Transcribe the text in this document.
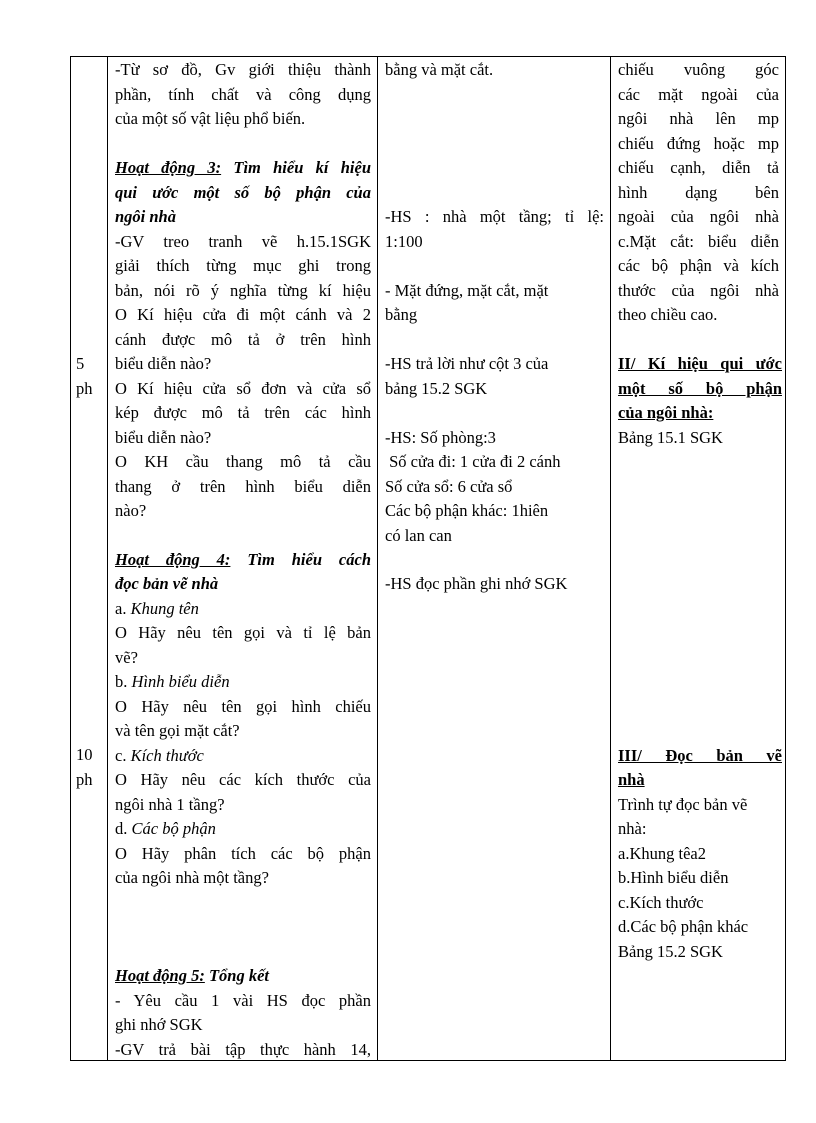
5
ph
10
ph
-Từ sơ đồ, Gv giới thiệu thành
phần, tính chất và công dụng
của một số vật liệu phổ biến.
Hoạt động 3: Tìm hiểu kí hiệu
qui ước một số bộ phận của
ngôi nhà
-GV treo tranh vẽ h.15.1SGK
giải thích từng mục ghi trong
bản, nói rõ ý nghĩa từng kí hiệu
O Kí hiệu cửa đi một cánh và 2
cánh được mô tả ở trên hình
biểu diễn nào?
O Kí hiệu cửa sổ đơn và cửa sổ
kép được mô tả trên các hình
biểu diễn nào?
O KH cầu thang mô tả cầu
thang ở trên hình biểu diễn
nào?
Hoạt động 4: Tìm hiểu cách
đọc bản vẽ nhà
a. Khung tên
O Hãy nêu tên gọi và tỉ lệ bản
vẽ?
b. Hình biểu diễn
O Hãy nêu tên gọi hình chiếu
và tên gọi mặt cắt?
c. Kích thước
O Hãy nêu các kích thước của
ngôi nhà 1 tầng?
d. Các bộ phận
O Hãy phân tích các bộ phận
của ngôi nhà một tầng?
Hoạt động 5: Tổng kết
- Yêu cầu 1 vài HS đọc phần
ghi nhớ SGK
-GV trả bài tập thực hành 14,
bằng và mặt cắt.
-HS : nhà một tầng; tỉ lệ:
1:100
- Mặt đứng, mặt cắt, mặt
bằng
-HS trả lời như cột 3 của
bảng 15.2 SGK
-HS: Số phòng:3
Số cửa đi: 1 cửa đi 2 cánh
Số cửa sổ: 6 cửa sổ
Các bộ phận khác: 1hiên
có lan can
-HS đọc phần ghi nhớ SGK
chiếu vuông góc
các mặt ngoài của
ngôi nhà lên mp
chiếu đứng hoặc mp
chiếu cạnh, diễn tả
hình dạng bên
ngoài của ngôi nhà
c.Mặt cắt: biểu diễn
các bộ phận và kích
thước của ngôi nhà
theo chiều cao.
II/ Kí hiệu qui ước
một số bộ phận
của ngôi nhà:
Bảng 15.1 SGK
III/ Đọc bản vẽ
nhà
Trình tự đọc bản vẽ
nhà:
a.Khung têa2
b.Hình biểu diễn
c.Kích thước
d.Các bộ phận khác
Bảng 15.2 SGK
